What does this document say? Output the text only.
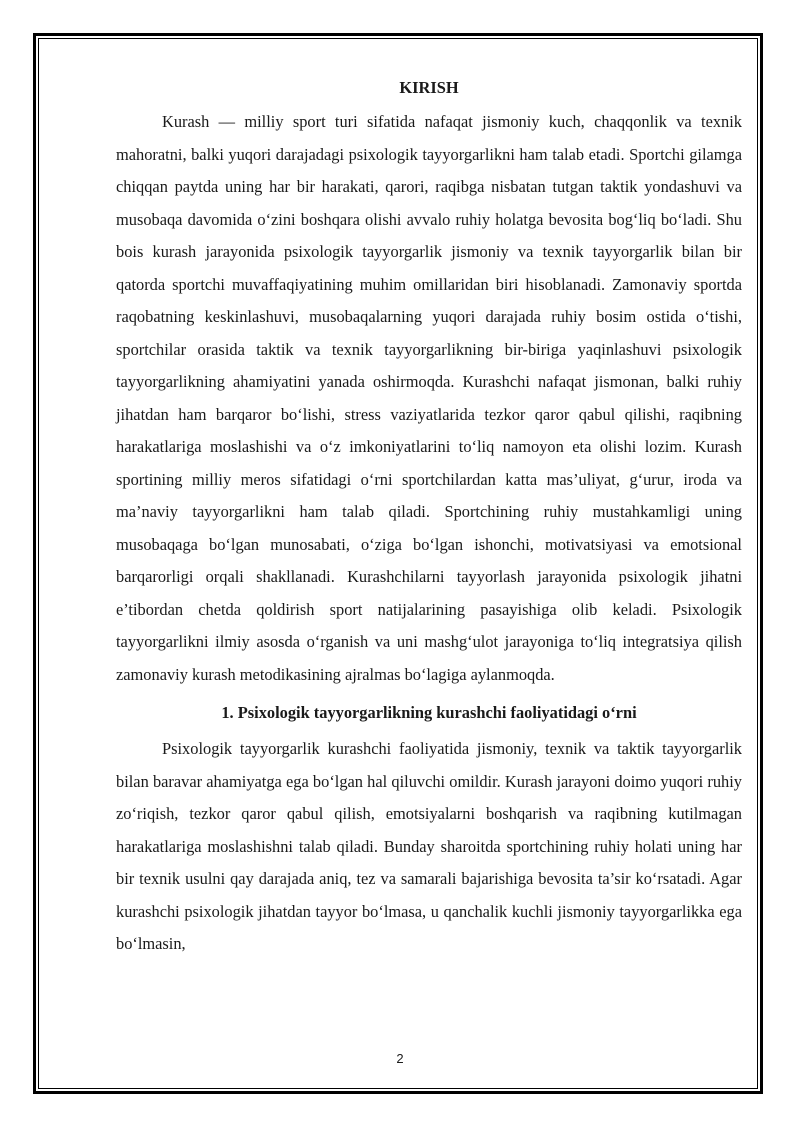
KIRISH

Kurash — milliy sport turi sifatida nafaqat jismoniy kuch, chaqqonlik va texnik mahoratni, balki yuqori darajadagi psixologik tayyorgarlikni ham talab etadi. Sportchi gilamga chiqqan paytda uning har bir harakati, qarori, raqibga nisbatan tutgan taktik yondashuvi va musobaqa davomida o‘zini boshqara olishi avvalo ruhiy holatga bevosita bog‘liq bo‘ladi. Shu bois kurash jarayonida psixologik tayyorgarlik jismoniy va texnik tayyorgarlik bilan bir qatorda sportchi muvaffaqiyatining muhim omillaridan biri hisoblanadi. Zamonaviy sportda raqobatning keskinlashuvi, musobaqalarning yuqori darajada ruhiy bosim ostida o‘tishi, sportchilar orasida taktik va texnik tayyorgarlikning bir-biriga yaqinlashuvi psixologik tayyorgarlikning ahamiyatini yanada oshirmoqda. Kurashchi nafaqat jismonan, balki ruhiy jihatdan ham barqaror bo‘lishi, stress vaziyatlarida tezkor qaror qabul qilishi, raqibning harakatlariga moslashishi va o‘z imkoniyatlarini to‘liq namoyon eta olishi lozim. Kurash sportining milliy meros sifatidagi o‘rni sportchilardan katta mas’uliyat, g‘urur, iroda va ma’naviy tayyorgarlikni ham talab qiladi. Sportchining ruhiy mustahkamligi uning musobaqaga bo‘lgan munosabati, o‘ziga bo‘lgan ishonchi, motivatsiyasi va emotsional barqarorligi orqali shakllanadi. Kurashchilarni tayyorlash jarayonida psixologik jihatni e’tibordan chetda qoldirish sport natijalarining pasayishiga olib keladi. Psixologik tayyorgarlikni ilmiy asosda o‘rganish va uni mashg‘ulot jarayoniga to‘liq integratsiya qilish zamonaviy kurash metodikasining ajralmas bo‘lagiga aylanmoqda.

1. Psixologik tayyorgarlikning kurashchi faoliyatidagi o‘rni

Psixologik tayyorgarlik kurashchi faoliyatida jismoniy, texnik va taktik tayyorgarlik bilan baravar ahamiyatga ega bo‘lgan hal qiluvchi omildir. Kurash jarayoni doimo yuqori ruhiy zo‘riqish, tezkor qaror qabul qilish, emotsiyalarni boshqarish va raqibning kutilmagan harakatlariga moslashishni talab qiladi. Bunday sharoitda sportchining ruhiy holati uning har bir texnik usulni qay darajada aniq, tez va samarali bajarishiga bevosita ta’sir ko‘rsatadi. Agar kurashchi psixologik jihatdan tayyor bo‘lmasa, u qanchalik kuchli jismoniy tayyorgarlikka ega bo‘lmasin,

2
